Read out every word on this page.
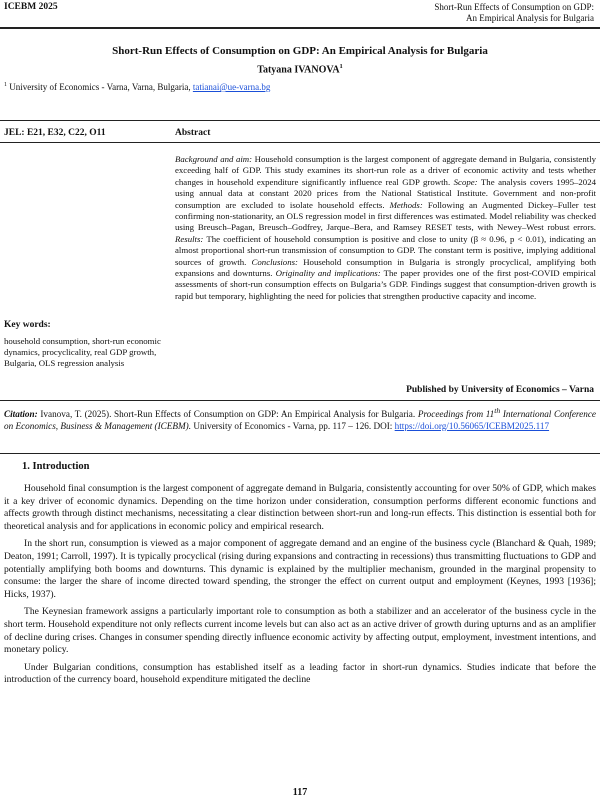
ICEBM 2025	Short-Run Effects of Consumption on GDP:
An Empirical Analysis for Bulgaria
Short-Run Effects of Consumption on GDP: An Empirical Analysis for Bulgaria
Tatyana IVANOVA$^1$
$^1$ University of Economics - Varna, Varna, Bulgaria, tatianai@ue-varna.bg
JEL: E21, E32, C22, O11	Abstract
Background and aim: Household consumption is the largest component of aggregate demand in Bulgaria, consistently exceeding half of GDP. This study examines its short-run role as a driver of economic activity and tests whether changes in household expenditure significantly influence real GDP growth. Scope: The analysis covers 1995–2024 using annual data at constant 2020 prices from the National Statistical Institute. Government and non-profit consumption are excluded to isolate household effects. Methods: Following an Augmented Dickey–Fuller test confirming non-stationarity, an OLS regression model in first differences was estimated. Model reliability was checked using Breusch–Pagan, Breusch–Godfrey, Jarque–Bera, and Ramsey RESET tests, with Newey–West robust errors. Results: The coefficient of household consumption is positive and close to unity (β ≈ 0.96, p < 0.01), indicating an almost proportional short-run transmission of consumption to GDP. The constant term is positive, implying additional sources of growth. Conclusions: Household consumption in Bulgaria is strongly procyclical, amplifying both expansions and downturns. Originality and implications: The paper provides one of the first post-COVID empirical assessments of short-run consumption effects on Bulgaria’s GDP. Findings suggest that consumption-driven growth is rapid but temporary, highlighting the need for policies that strengthen productive capacity and income.
Key words:
household consumption, short-run economic dynamics, procyclicality, real GDP growth, Bulgaria, OLS regression analysis
Published by University of Economics – Varna
Citation: Ivanova, T. (2025). Short-Run Effects of Consumption on GDP: An Empirical Analysis for Bulgaria. Proceedings from 11th International Conference on Economics, Business & Management (ICEBM). University of Economics - Varna, pp. 117 – 126. DOI: https://doi.org/10.56065/ICEBM2025.117
1. Introduction

Household final consumption is the largest component of aggregate demand in Bulgaria, consistently accounting for over 50% of GDP, which makes it a key driver of economic dynamics. Depending on the time horizon under consideration, consumption performs different economic functions and affects growth through distinct mechanisms, necessitating a clear distinction between short-run and long-run effects. This distinction is essential both for theoretical analysis and for applications in economic policy and empirical research.

In the short run, consumption is viewed as a major component of aggregate demand and an engine of the business cycle (Blanchard & Quah, 1989; Deaton, 1991; Carroll, 1997). It is typically procyclical (rising during expansions and contracting in recessions) thus transmitting fluctuations to GDP and potentially amplifying both booms and downturns. This dynamic is explained by the multiplier mechanism, grounded in the marginal propensity to consume: the larger the share of income directed toward spending, the stronger the effect on current output and employment (Keynes, 1993 [1936]; Hicks, 1937).

The Keynesian framework assigns a particularly important role to consumption as both a stabilizer and an accelerator of the business cycle in the short term. Household expenditure not only reflects current income levels but can also act as an active driver of growth during upturns and as an amplifier of decline during crises. Changes in consumer spending directly influence economic activity by affecting output, employment, investment intentions, and monetary policy.

Under Bulgarian conditions, consumption has established itself as a leading factor in short-run dynamics. Studies indicate that before the introduction of the currency board, household expenditure mitigated the decline

117
